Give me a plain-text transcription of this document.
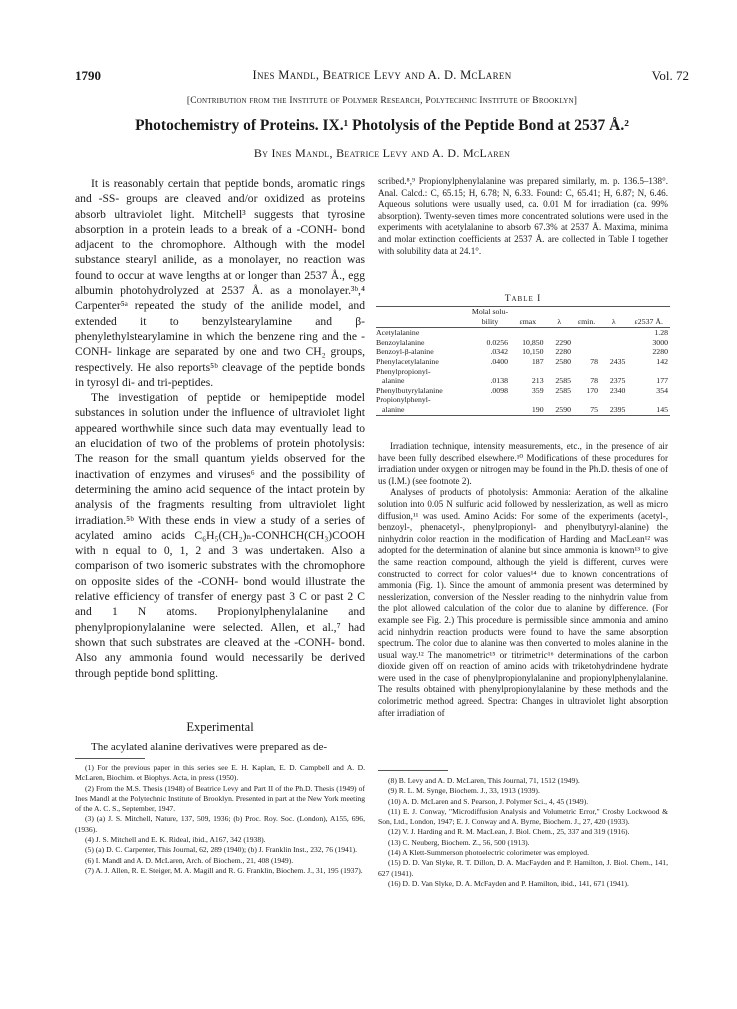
1790	Ines Mandl, Beatrice Levy and A. D. McLaren	Vol. 72
[Contribution from the Institute of Polymer Research, Polytechnic Institute of Brooklyn]
Photochemistry of Proteins. IX.¹ Photolysis of the Peptide Bond at 2537 Å.²
By Ines Mandl, Beatrice Levy and A. D. McLaren

It is reasonably certain that peptide bonds, aromatic rings and -SS- groups are cleaved and/or oxidized as proteins absorb ultraviolet light. Mitchell³ suggests that tyrosine absorption in a protein leads to a break of a -CONH- bond adjacent to the chromophore. Although with the model substance stearyl anilide, as a monolayer, no reaction was found to occur at wave lengths at or longer than 2537 Å., egg albumin photohydrolyzed at 2537 Å. as a monolayer.³ᵇ,⁴ Carpenter⁵ᵃ repeated the study of the anilide model, and extended it to benzylstearylamine and β-phenylethylstearylamine in which the benzene ring and the -CONH- linkage are separated by one and two CH₂ groups, respectively. He also reports⁵ᵇ cleavage of the peptide bonds in tyrosyl di- and tri-peptides.

The investigation of peptide or hemipeptide model substances in solution under the influence of ultraviolet light appeared worthwhile since such data may eventually lead to an elucidation of two of the problems of protein photolysis: The reason for the small quantum yields observed for the inactivation of enzymes and viruses⁶ and the possibility of determining the amino acid sequence of the intact protein by analysis of the fragments resulting from ultraviolet light irradiation.⁵ᵇ With these ends in view a study of a series of acylated amino acids C₆H₅(CH₂)ₙ-CONHCH(CH₃)COOH with n equal to 0, 1, 2 and 3 was undertaken. Also a comparison of two isomeric substrates with the chromophore on opposite sides of the -CONH- bond would illustrate the relative efficiency of transfer of energy past 3 C or past 2 C and 1 N atoms. Propionylphenylalanine and phenylpropionylalanine were selected. Allen, et al.,⁷ had shown that such substrates are cleaved at the -CONH- bond. Also any ammonia found would necessarily be derived through peptide bond splitting.

Experimental
The acylated alanine derivatives were prepared as de-
(1) For the previous paper in this series see E. H. Kaplan, E. D. Campbell and A. D. McLaren, Biochim. et Biophys. Acta, in press (1950).
(2) From the M.S. Thesis (1948) of Beatrice Levy and Part II of the Ph.D. Thesis (1949) of Ines Mandl at the Polytechnic Institute of Brooklyn. Presented in part at the New York meeting of the A. C. S., September, 1947.
(3) (a) J. S. Mitchell, Nature, 137, 509, 1936; (b) Proc. Roy. Soc. (London), A155, 696, (1936).
(4) J. S. Mitchell and E. K. Rideal, ibid., A167, 342 (1938).
(5) (a) D. C. Carpenter, This Journal, 62, 289 (1940); (b) J. Franklin Inst., 232, 76 (1941).
(6) I. Mandl and A. D. McLaren, Arch. of Biochem., 21, 408 (1949).
(7) A. J. Allen, R. E. Steiger, M. A. Magill and R. G. Franklin, Biochem. J., 31, 195 (1937).

scribed.⁸,⁹ Propionylphenylalanine was prepared similarly, m. p. 136.5–138°. Anal. Calcd.: C, 65.15; H, 6.78; N, 6.33. Found: C, 65.41; H, 6.87; N, 6.46. Aqueous solutions were usually used, ca. 0.01 M for irradiation (ca. 99% absorption). Twenty-seven times more concentrated solutions were used in the experiments with acetylalanine to absorb 67.3% at 2537 Å. Maxima, minima and molar extinction coefficients at 2537 Å. are collected in Table I together with solubility data at 24.1°.

Table I
	Molal solu-bility	εmax	λ	εmin.	λ	ε2537 Å.
Acetylalanine						1.28
Benzoylalanine	0.0256	10,850	2290			3000
Benzoyl-β-alanine	.0342	10,150	2280			2280
Phenylacetylalanine	.0400	187	2580	78	2435	142
Phenylpropionyl-						
alanine	.0138	213	2585	78	2375	177
Phenylbutyrylalanine	.0098	359	2585	170	2340	354
Propionylphenyl-						
alanine		190	2590	75	2395	145

Irradiation technique, intensity measurements, etc., in the presence of air have been fully described elsewhere.¹⁰ Modifications of these procedures for irradiation under oxygen or nitrogen may be found in the Ph.D. thesis of one of us (I.M.) (see footnote 2).

Analyses of products of photolysis: Ammonia: Aeration of the alkaline solution into 0.05 N sulfuric acid followed by nesslerization, as well as micro diffusion,¹¹ was used. Amino Acids: For some of the experiments (acetyl-, benzoyl-, phenacetyl-, phenylpropionyl- and phenylbutyryl-alanine) the ninhydrin color reaction in the modification of Harding and MacLean¹² was adopted for the determination of alanine but since ammonia is known¹³ to give the same reaction compound, although the yield is different, curves were constructed to correct for color values¹⁴ due to known concentrations of ammonia (Fig. 1). Since the amount of ammonia present was determined by nesslerization, conversion of the Nessler reading to the ninhydrin value from the plot allowed calculation of the color due to alanine by difference. (For example see Fig. 2.) This procedure is permissible since ammonia and amino acid ninhydrin reaction products were found to have the same absorption spectrum. The color due to alanine was then converted to moles alanine in the usual way.¹² The manometric¹⁵ or titrimetric¹⁶ determinations of the carbon dioxide given off on reaction of amino acids with triketohydrindene hydrate were used in the case of phenylpropionylalanine and propionylphenylalanine. The results obtained with phenylpropionylalanine by these methods and the colorimetric method agreed. Spectra: Changes in ultraviolet light absorption after irradiation of

(8) B. Levy and A. D. McLaren, This Journal, 71, 1512 (1949).
(9) R. L. M. Synge, Biochem. J., 33, 1913 (1939).
(10) A. D. McLaren and S. Pearson, J. Polymer Sci., 4, 45 (1949).
(11) E. J. Conway, "Microdiffusion Analysis and Volumetric Error," Crosby Lockwood & Son, Ltd., London, 1947; E. J. Conway and A. Byrne, Biochem. J., 27, 420 (1933).
(12) V. J. Harding and R. M. MacLean, J. Biol. Chem., 25, 337 and 319 (1916).
(13) C. Neuberg, Biochem. Z., 56, 500 (1913).
(14) A Klett-Summerson photoelectric colorimeter was employed.
(15) D. D. Van Slyke, R. T. Dillon, D. A. MacFayden and P. Hamilton, J. Biol. Chem., 141, 627 (1941).
(16) D. D. Van Slyke, D. A. McFayden and P. Hamilton, ibid., 141, 671 (1941).
